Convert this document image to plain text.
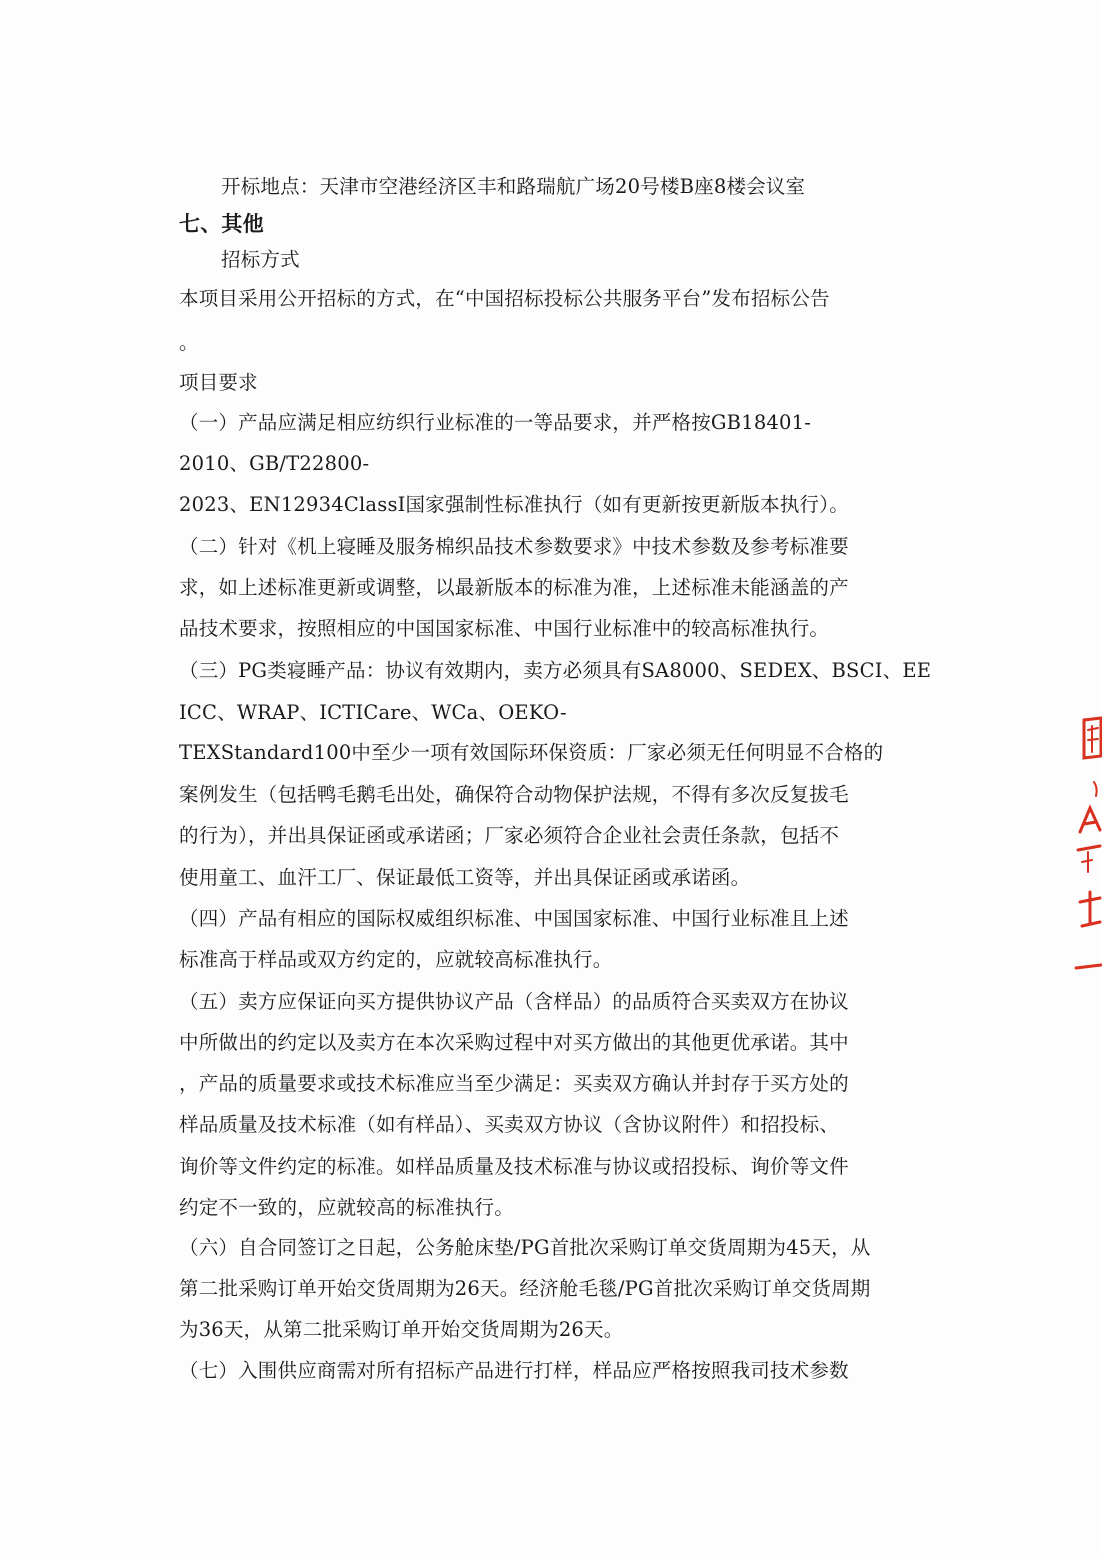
开标地点：天津市空港经济区丰和路瑞航广场20号楼B座8楼会议室
七、其他
招标方式
本项目采用公开招标的方式，在“中国招标投标公共服务平台”发布招标公告
。
项目要求
（一）产品应满足相应纺织行业标准的一等品要求，并严格按GB18401-
2010、GB/T22800-
2023、EN12934ClassI国家强制性标准执行（如有更新按更新版本执行）。
（二）针对《机上寝睡及服务棉织品技术参数要求》中技术参数及参考标准要
求，如上述标准更新或调整，以最新版本的标准为准，上述标准未能涵盖的产
品技术要求，按照相应的中国国家标准、中国行业标准中的较高标准执行。
（三）PG类寝睡产品：协议有效期内，卖方必须具有SA8000、SEDEX、BSCI、EE
ICC、WRAP、ICTICare、WCa、OEKO-
TEXStandard100中至少一项有效国际环保资质：厂家必须无任何明显不合格的
案例发生（包括鸭毛鹅毛出处，确保符合动物保护法规，不得有多次反复拔毛
的行为），并出具保证函或承诺函；厂家必须符合企业社会责任条款，包括不
使用童工、血汗工厂、保证最低工资等，并出具保证函或承诺函。
（四）产品有相应的国际权威组织标准、中国国家标准、中国行业标准且上述
标准高于样品或双方约定的，应就较高标准执行。
（五）卖方应保证向买方提供协议产品（含样品）的品质符合买卖双方在协议
中所做出的约定以及卖方在本次采购过程中对买方做出的其他更优承诺。其中
，产品的质量要求或技术标准应当至少满足：买卖双方确认并封存于买方处的
样品质量及技术标准（如有样品）、买卖双方协议（含协议附件）和招投标、
询价等文件约定的标准。如样品质量及技术标准与协议或招投标、询价等文件
约定不一致的，应就较高的标准执行。
（六）自合同签订之日起，公务舱床垫/PG首批次采购订单交货周期为45天，从
第二批采购订单开始交货周期为26天。经济舱毛毯/PG首批次采购订单交货周期
为36天，从第二批采购订单开始交货周期为26天。
（七）入围供应商需对所有招标产品进行打样，样品应严格按照我司技术参数
